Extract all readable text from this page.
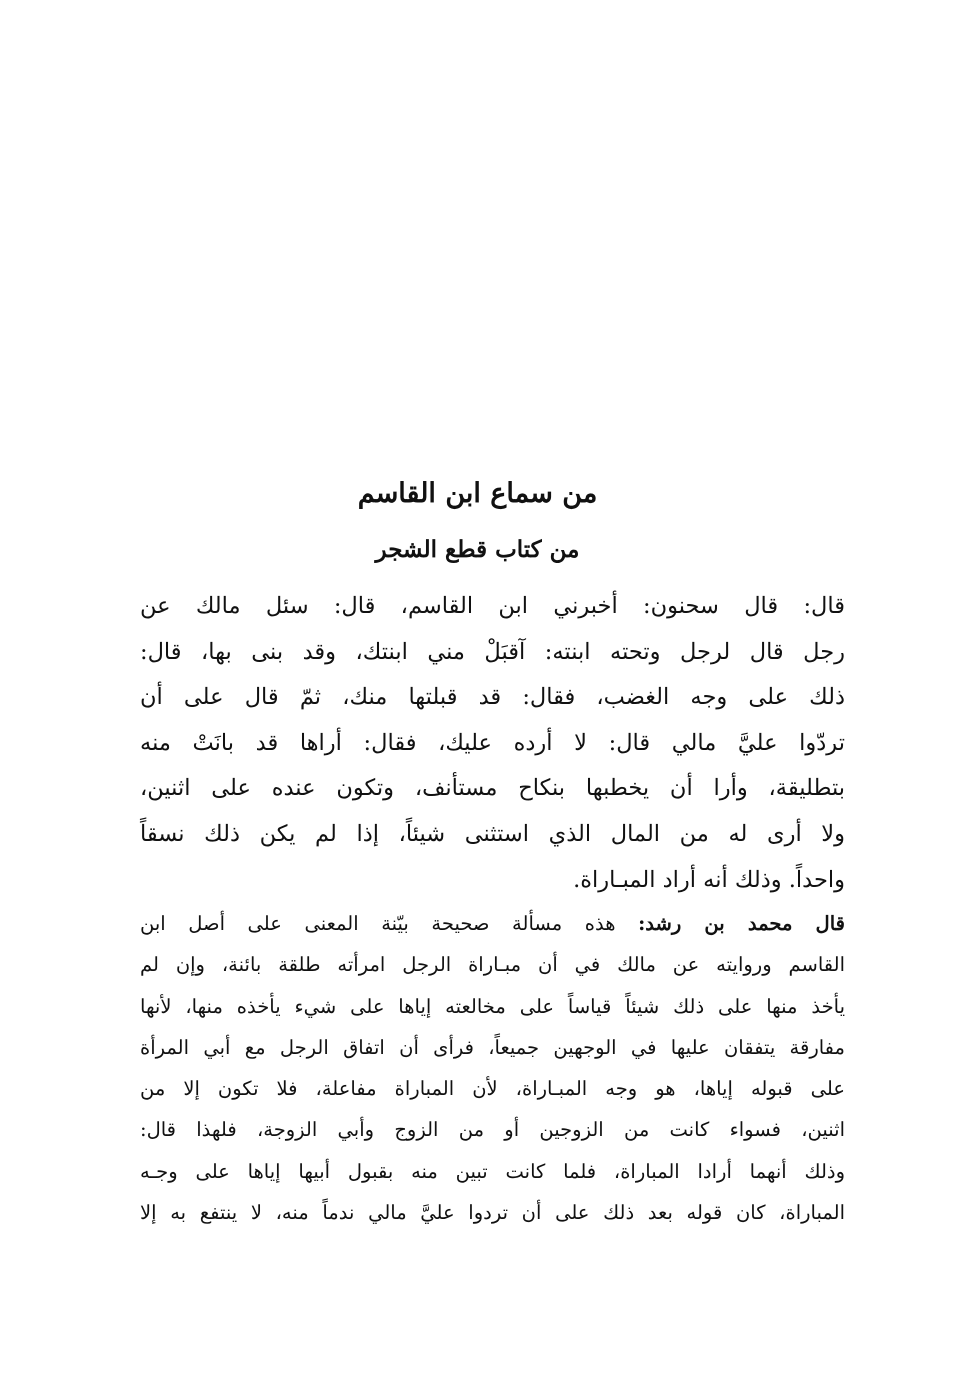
من سماع ابن القاسم
من كتاب قطع الشجر
قال: قال سحنون: أخبرني ابن القاسم، قال: سئل مالك عن
رجل قال لرجل وتحته ابنته: آقبَلْ مني ابنتك، وقد بنى بها، قال:
ذلك على وجه الغضب، فقال: قد قبلتها منك، ثمّ قال على أن
تردّوا عليَّ مالي قال: لا أرده عليك، فقال: أراها قد بانَتْ منه
بتطليقة، وأرا أن يخطبها بنكاح مستأنف، وتكون عنده على اثنين،
ولا أرى له من المال الذي استثنى شيئاً، إذا لم يكن ذلك نسقاً
واحداً. وذلك أنه أراد المبـاراة.
قال محمد بن رشد: هذه مسألة صحيحة بيّنة المعنى على أصل ابن
القاسم وروايته عن مالك في أن مبـاراة الرجل امرأته طلقة بائنة، وإن لم
يأخذ منها على ذلك شيئاً قياساً على مخالعته إياها على شيء يأخذه منها، لأنها
مفارقة يتفقان عليها في الوجهين جميعاً، فرأى أن اتفاق الرجل مع أبي المرأة
على قبوله إياها، هو وجه المبـاراة، لأن المباراة مفاعلة، فلا تكون إلا من
اثنين، فسواء كانت من الزوجين أو من الزوج وأبي الزوجة، فلهذا قال:
وذلك أنهما أرادا المباراة، فلما كانت تبين منه بقبول أبيها إياها على وجـه
المباراة، كان قوله بعد ذلك على أن تردوا عليَّ مالي ندماً منه، لا ينتفع به إلا
